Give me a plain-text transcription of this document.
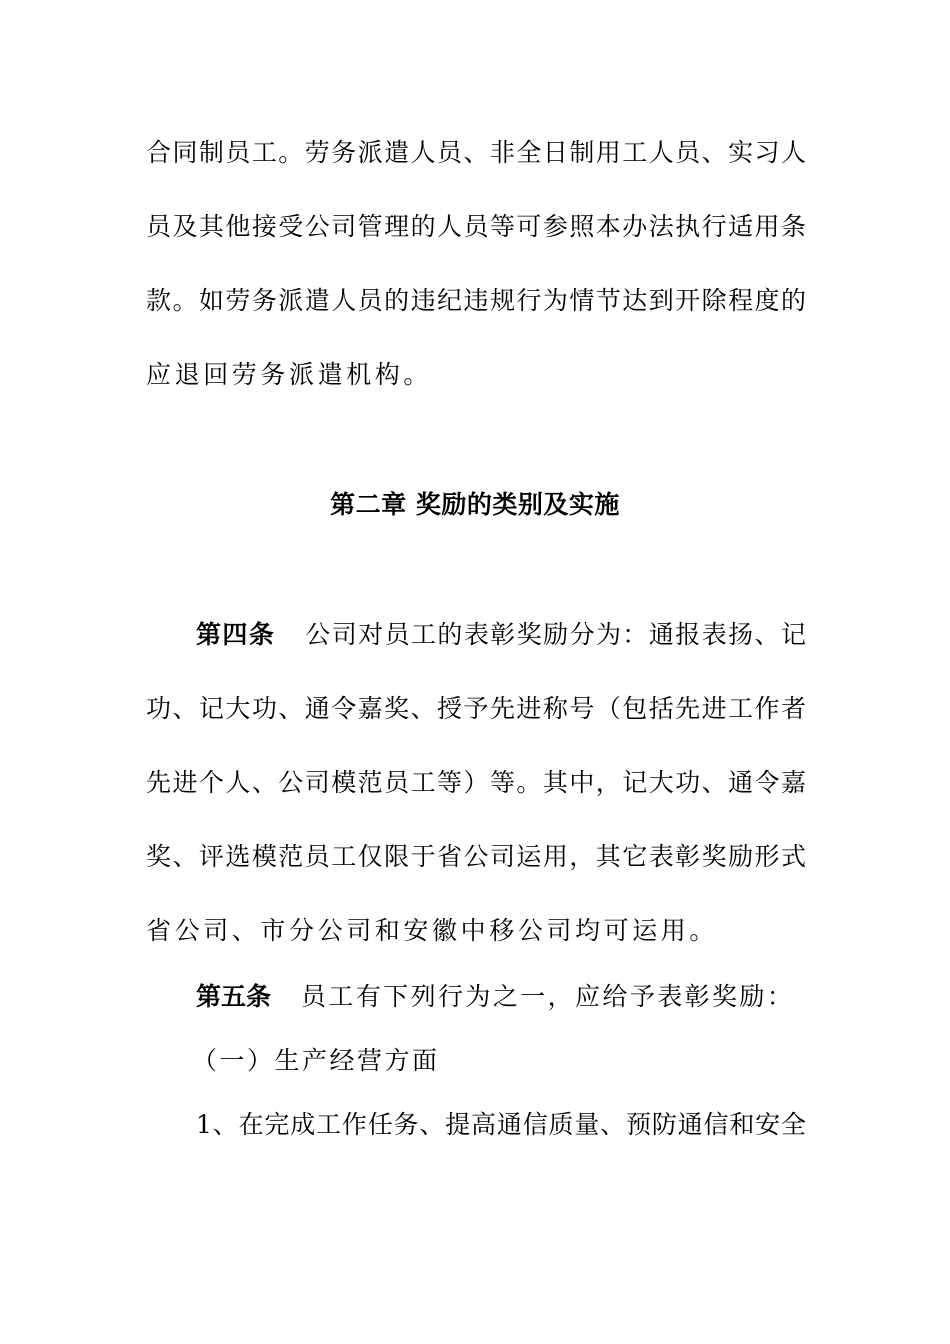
合同制员工。劳务派遣人员、非全日制用工人员、实习人
员及其他接受公司管理的人员等可参照本办法执行适用条
款。如劳务派遣人员的违纪违规行为情节达到开除程度的
应退回劳务派遣机构。
第二章 奖励的类别及实施
第四条 公司对员工的表彰奖励分为：通报表扬、记
功、记大功、通令嘉奖、授予先进称号（包括先进工作者
先进个人、公司模范员工等）等。其中，记大功、通令嘉
奖、评选模范员工仅限于省公司运用，其它表彰奖励形式
省公司、市分公司和安徽中移公司均可运用。
第五条 员工有下列行为之一，应给予表彰奖励：
（一）生产经营方面
1、在完成工作任务、提高通信质量、预防通信和安全
